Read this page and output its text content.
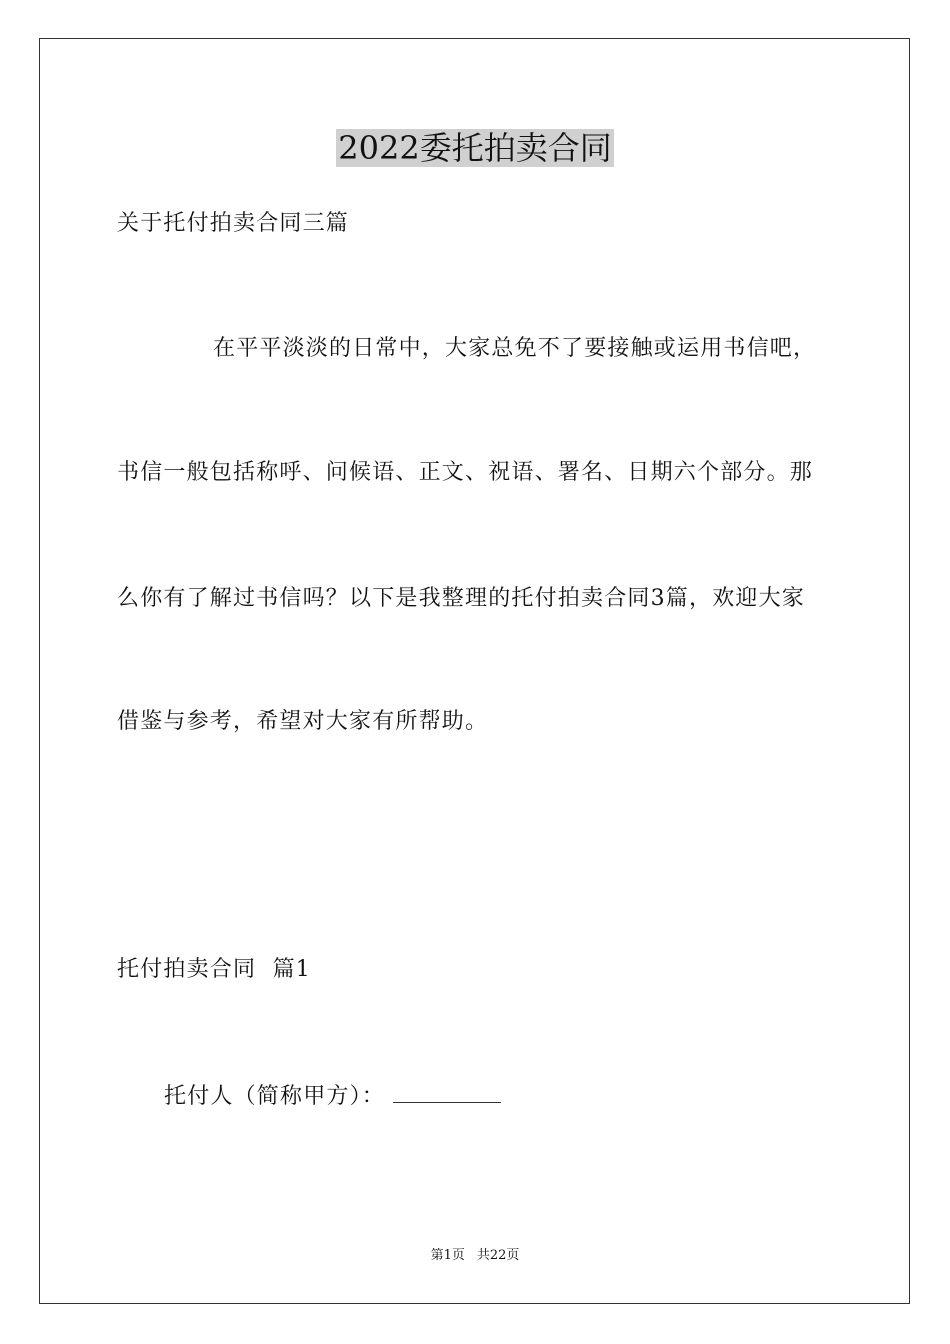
2022委托拍卖合同
关于托付拍卖合同三篇
在平平淡淡的日常中，大家总免不了要接触或运用书信吧，
书信一般包括称呼、问候语、正文、祝语、署名、日期六个部分。那
么你有了解过书信吗？以下是我整理的托付拍卖合同3篇，欢迎大家
借鉴与参考，希望对大家有所帮助。
托付拍卖合同  篇1
托付人（简称甲方）：
第1页 共22页
